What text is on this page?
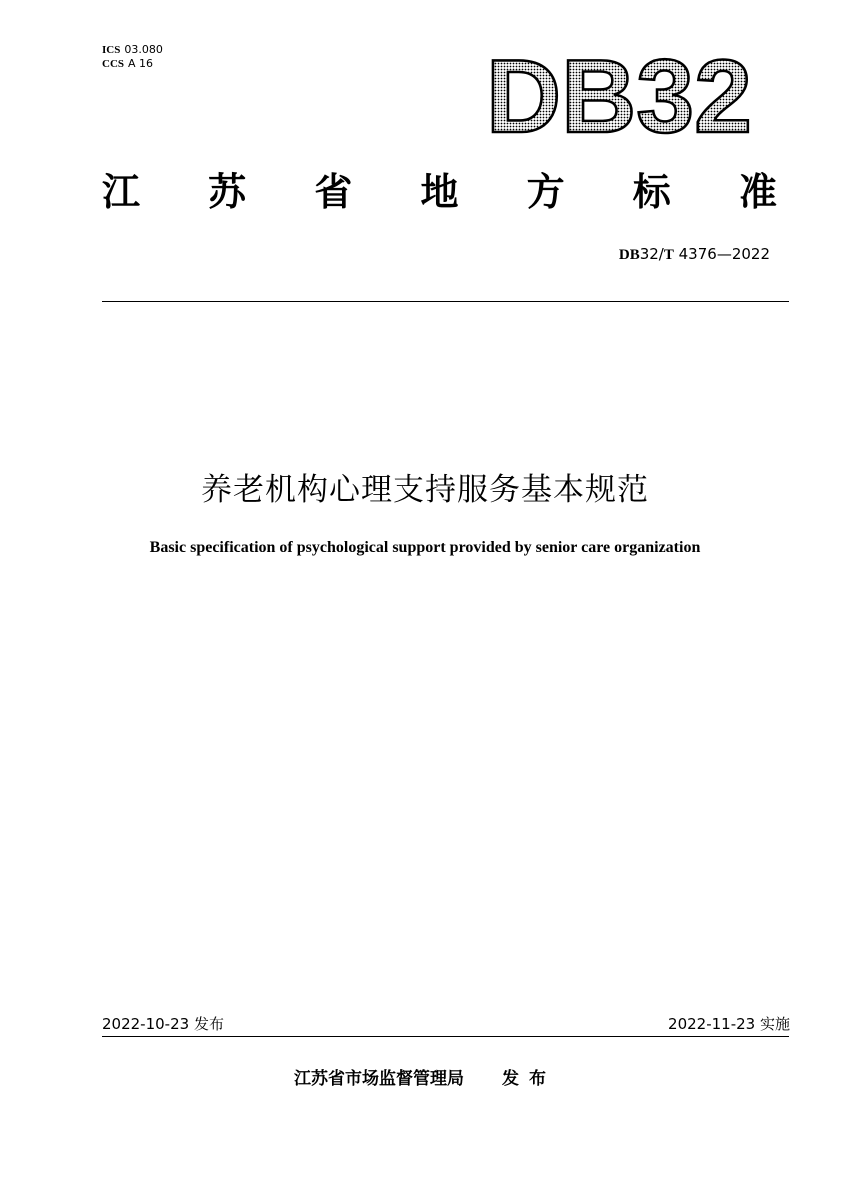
ICS 03.080
CCS A 16	DB32
江 苏 省 地 方 标 准
DB32/T 4376—2022
养老机构心理支持服务基本规范
Basic specification of psychological support provided by senior care organization
2022-10-23 发布	2022-11-23 实施
江苏省市场监督管理局 发布
